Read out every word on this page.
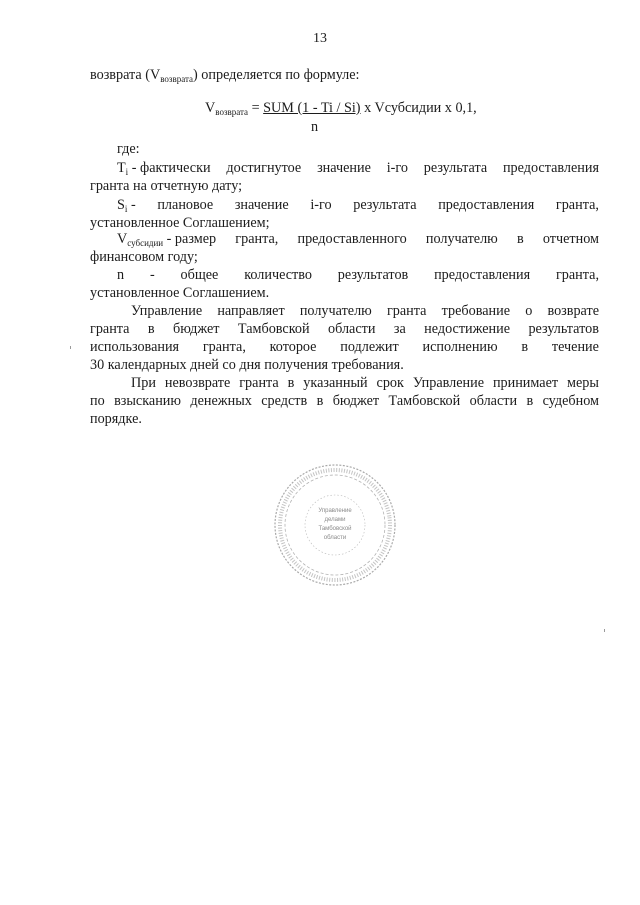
13
возврата $(V_{возврата})$ определяется по формуле:
$V_{возврата}$ = SUM (1 - Ti / Si) x Vсубсидии x 0,1,
n
где:
$T_i$ - фактически достигнутое значение i-го результата предоставления
гранта на отчетную дату;
$S_i$ - плановое значение i-го результата предоставления гранта,
установленное Соглашением;
$V_{субсидии}$ - размер гранта, предоставленного получателю в отчетном
финансовом году;
n - общее количество результатов предоставления гранта,
установленное Соглашением.
Управление направляет получателю гранта требование о возврате
гранта в бюджет Тамбовской области за недостижение результатов
использования гранта, которое подлежит исполнению в течение
30 календарных дней со дня получения требования.
При невозврате гранта в указанный срок Управление принимает меры
по взысканию денежных средств в бюджет Тамбовской области в судебном
порядке.
Управление
делами
Тамбовской
области
